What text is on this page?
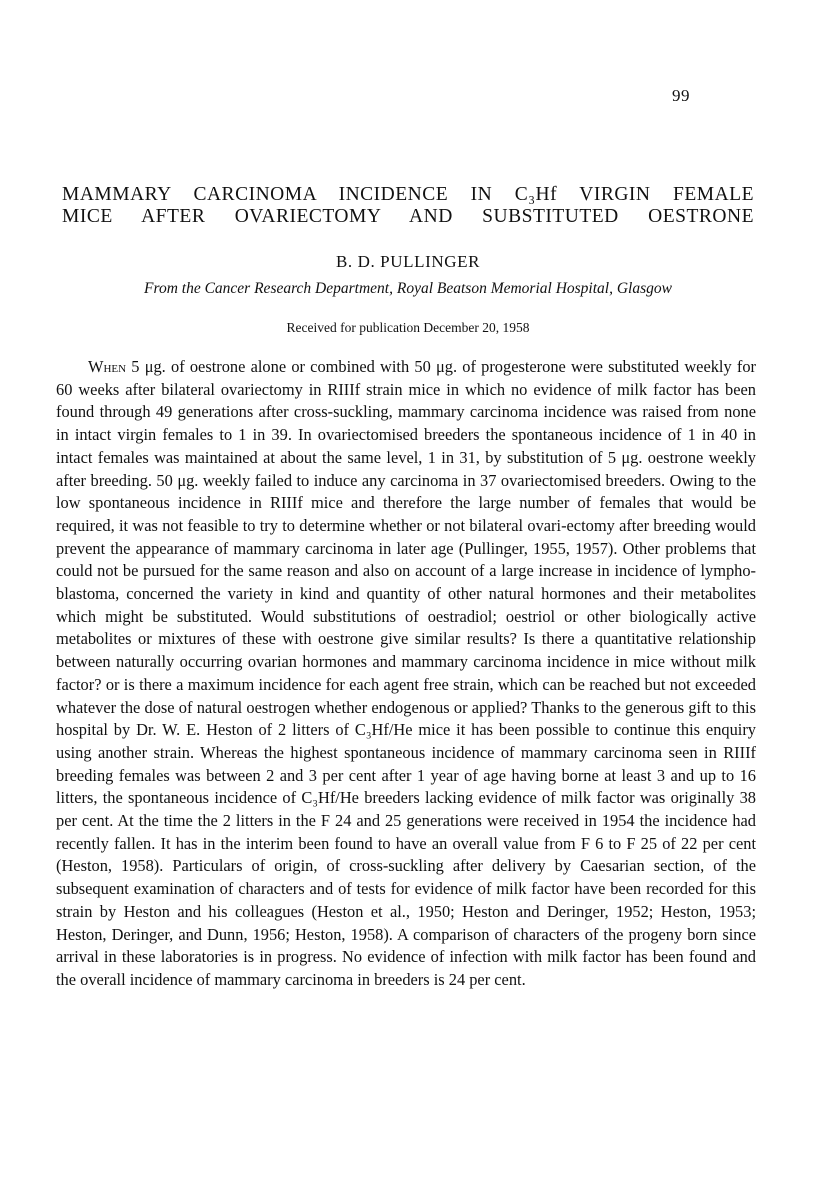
99
MAMMARY CARCINOMA INCIDENCE IN C₃Hf VIRGIN FEMALE
MICE AFTER OVARIECTOMY AND SUBSTITUTED OESTRONE
B. D. PULLINGER
From the Cancer Research Department, Royal Beatson Memorial Hospital, Glasgow
Received for publication December 20, 1958

When 5 μg. of oestrone alone or combined with 50 μg. of progesterone were substituted weekly for 60 weeks after bilateral ovariectomy in RIIIf strain mice in which no evidence of milk factor has been found through 49 generations after cross-suckling, mammary carcinoma incidence was raised from none in intact virgin females to 1 in 39. In ovariectomised breeders the spontaneous incidence of 1 in 40 in intact females was maintained at about the same level, 1 in 31, by substitution of 5 μg. oestrone weekly after breeding. 50 μg. weekly failed to induce any carcinoma in 37 ovariectomised breeders. Owing to the low spontaneous incidence in RIIIf mice and therefore the large number of females that would be required, it was not feasible to try to determine whether or not bilateral ovari-ectomy after breeding would prevent the appearance of mammary carcinoma in later age (Pullinger, 1955, 1957). Other problems that could not be pursued for the same reason and also on account of a large increase in incidence of lympho-blastoma, concerned the variety in kind and quantity of other natural hormones and their metabolites which might be substituted. Would substitutions of oestradiol; oestriol or other biologically active metabolites or mixtures of these with oestrone give similar results? Is there a quantitative relationship between naturally occurring ovarian hormones and mammary carcinoma incidence in mice without milk factor? or is there a maximum incidence for each agent free strain, which can be reached but not exceeded whatever the dose of natural oestrogen whether endogenous or applied? Thanks to the generous gift to this hospital by Dr. W. E. Heston of 2 litters of C₃Hf/He mice it has been possible to continue this enquiry using another strain. Whereas the highest spontaneous incidence of mammary carcinoma seen in RIIIf breeding females was between 2 and 3 per cent after 1 year of age having borne at least 3 and up to 16 litters, the spontaneous incidence of C₃Hf/He breeders lacking evidence of milk factor was originally 38 per cent. At the time the 2 litters in the F 24 and 25 generations were received in 1954 the incidence had recently fallen. It has in the interim been found to have an overall value from F 6 to F 25 of 22 per cent (Heston, 1958). Particulars of origin, of cross-suckling after delivery by Caesarian section, of the subsequent examination of characters and of tests for evidence of milk factor have been recorded for this strain by Heston and his colleagues (Heston et al., 1950; Heston and Deringer, 1952; Heston, 1953; Heston, Deringer, and Dunn, 1956; Heston, 1958). A comparison of characters of the progeny born since arrival in these laboratories is in progress. No evidence of infection with milk factor has been found and the overall incidence of mammary carcinoma in breeders is 24 per cent.
